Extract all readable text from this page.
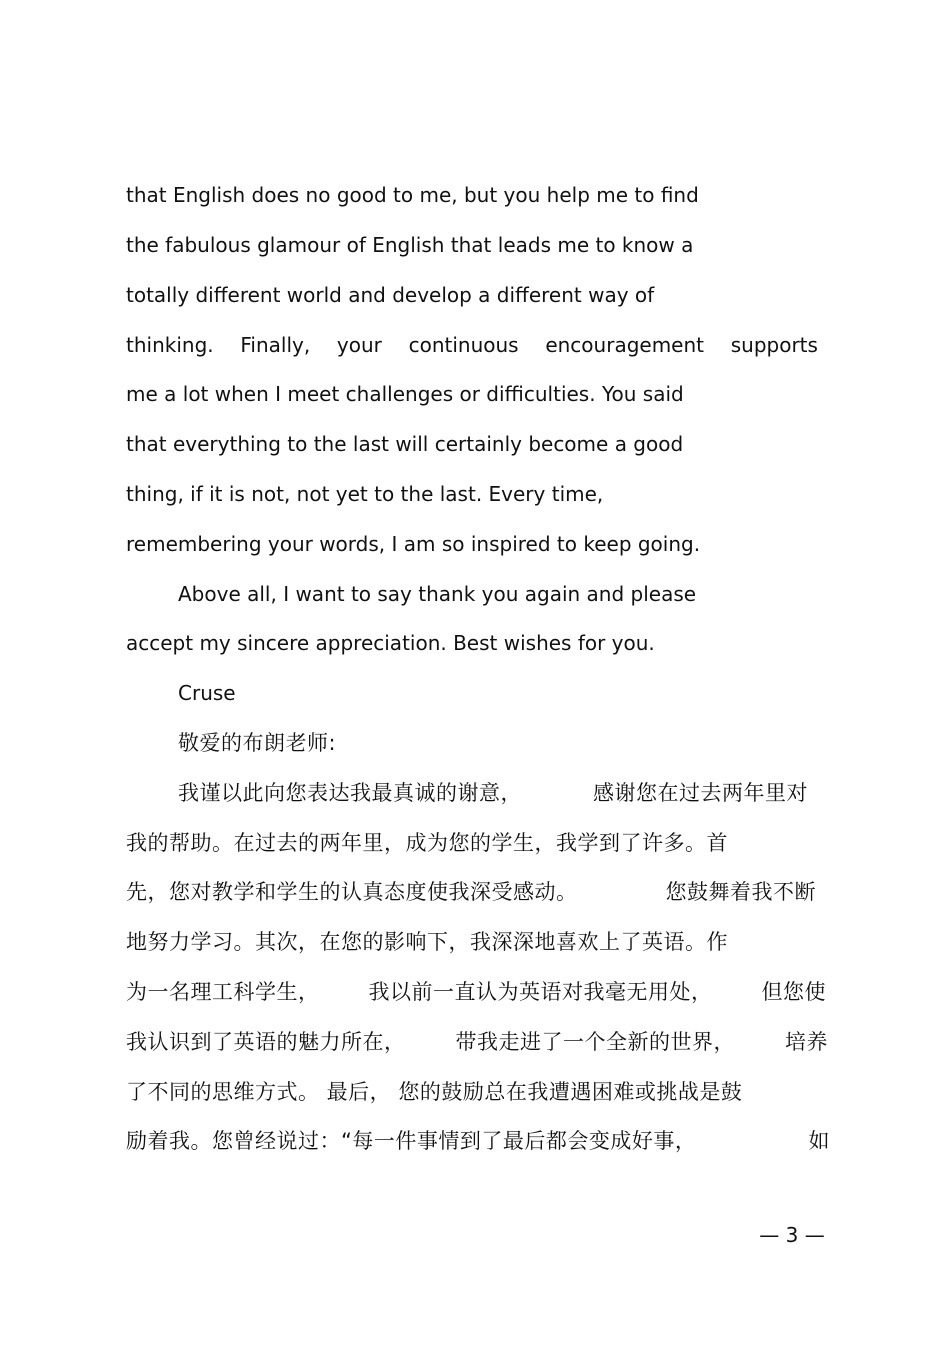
that English does no good to me, but you help me to find
the fabulous glamour of English that leads me to know a
totally different world and develop a different way of
thinking. Finally, your continuous encouragement supports
me a lot when I meet challenges or difficulties. You said
that everything to the last will certainly become a good
thing, if it is not, not yet to the last. Every time,
remembering your words, I am so inspired to keep going.
Above all, I want to say thank you again and please
accept my sincere appreciation. Best wishes for you.
Cruse
敬爱的布朗老师:
我谨以此向您表达我最真诚的谢意，	感谢您在过去两年里对
我的帮助。在过去的两年里，成为您的学生，我学到了许多。首
先，您对教学和学生的认真态度使我深受感动。	您鼓舞着我不断
地努力学习。其次，在您的影响下，我深深地喜欢上了英语。作
为一名理工科学生， 我以前一直认为英语对我毫无用处， 但您使
我认识到了英语的魅力所在， 带我走进了一个全新的世界， 培养
了不同的思维方式。 最后， 您的鼓励总在我遭遇困难或挑战是鼓
励着我。您曾经说过：“每一件事情到了最后都会变成好事，	如
— 3 —
